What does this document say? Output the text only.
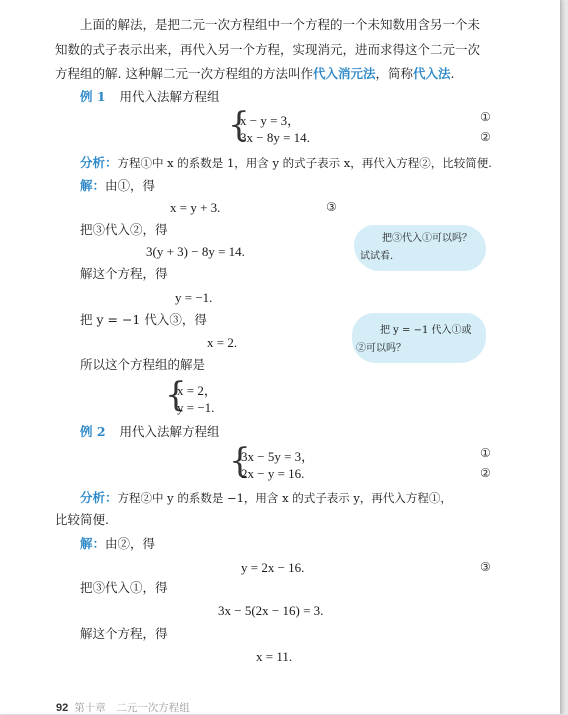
上面的解法，是把二元一次方程组中一个方程的一个未知数用含另一个未
知数的式子表示出来，再代入另一个方程，实现消元，进而求得这个二元一次
方程组的解. 这种解二元一次方程组的方法叫作代入消元法，简称代入法.
例 1 用代入法解方程组
{
x − y = 3，
3x − 8y = 14.
①
②
分析：方程①中 x 的系数是 1，用含 y 的式子表示 x，再代入方程②，比较简便.
解：由①，得
x = y + 3.	③
把③代入②，得
3(y + 3) − 8y = 14.
解这个方程，得
y = −1.
把 y = −1 代入③，得
x = 2.
所以这个方程组的解是
{
x = 2，
y = −1.
把③代入①可以吗？
试试看.
把 y = −1 代入①或
②可以吗？
例 2 用代入法解方程组
{
3x − 5y = 3，
2x − y = 16.
①
②
分析：方程②中 y 的系数是 −1，用含 x 的式子表示 y，再代入方程①，
比较简便.
解：由②，得
y = 2x − 16.	③
把③代入①，得
3x − 5(2x − 16) = 3.
解这个方程，得
x = 11.
92 第十章　二元一次方程组
